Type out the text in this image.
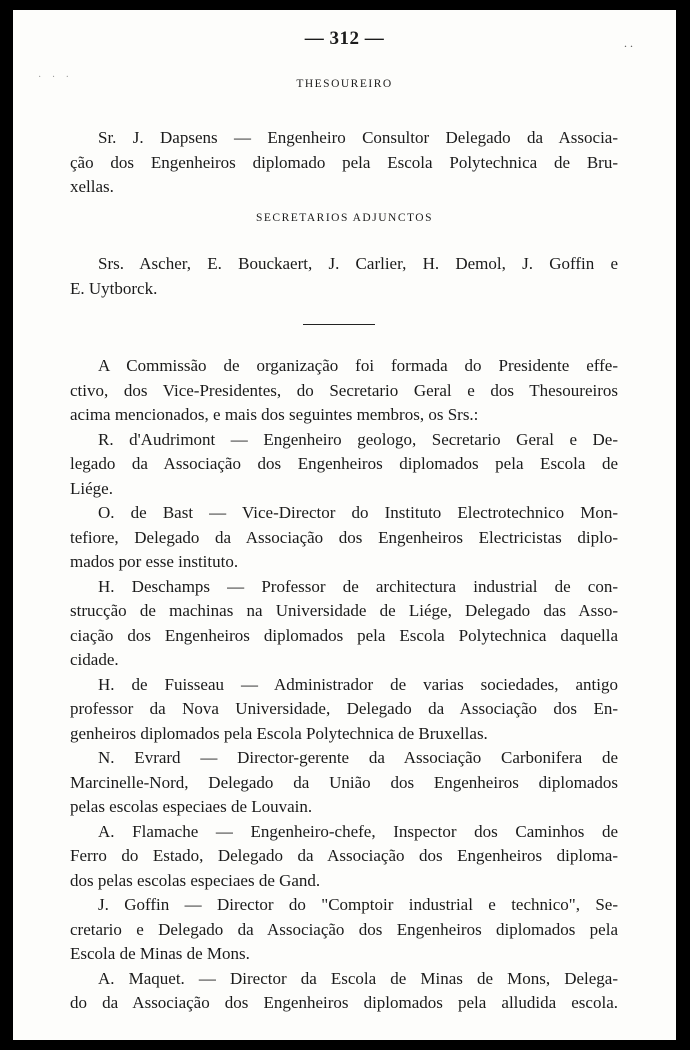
· · ·
..
— 312 —
THESOUREIRO
Sr. J. Dapsens — Engenheiro Consultor Delegado da Associa-
ção dos Engenheiros diplomado pela Escola Polytechnica de Bru-
xellas.
SECRETARIOS ADJUNCTOS
Srs. Ascher, E. Bouckaert, J. Carlier, H. Demol, J. Goffin e
E. Uytborck.
A Commissão de organização foi formada do Presidente effe-
ctivo, dos Vice-Presidentes, do Secretario Geral e dos Thesoureiros
acima mencionados, e mais dos seguintes membros, os Srs.:
R. d'Audrimont — Engenheiro geologo, Secretario Geral e De-
legado da Associação dos Engenheiros diplomados pela Escola de
Liége.
O. de Bast — Vice-Director do Instituto Electrotechnico Mon-
tefiore, Delegado da Associação dos Engenheiros Electricistas diplo-
mados por esse instituto.
H. Deschamps — Professor de architectura industrial de con-
strucção de machinas na Universidade de Liége, Delegado das Asso-
ciação dos Engenheiros diplomados pela Escola Polytechnica daquella
cidade.
H. de Fuisseau — Administrador de varias sociedades, antigo
professor da Nova Universidade, Delegado da Associação dos En-
genheiros diplomados pela Escola Polytechnica de Bruxellas.
N. Evrard — Director-gerente da Associação Carbonifera de
Marcinelle-Nord, Delegado da União dos Engenheiros diplomados
pelas escolas especiaes de Louvain.
A. Flamache — Engenheiro-chefe, Inspector dos Caminhos de
Ferro do Estado, Delegado da Associação dos Engenheiros diploma-
dos pelas escolas especiaes de Gand.
J. Goffin — Director do "Comptoir industrial e technico", Se-
cretario e Delegado da Associação dos Engenheiros diplomados pela
Escola de Minas de Mons.
A. Maquet. — Director da Escola de Minas de Mons, Delega-
do da Associação dos Engenheiros diplomados pela alludida escola.
